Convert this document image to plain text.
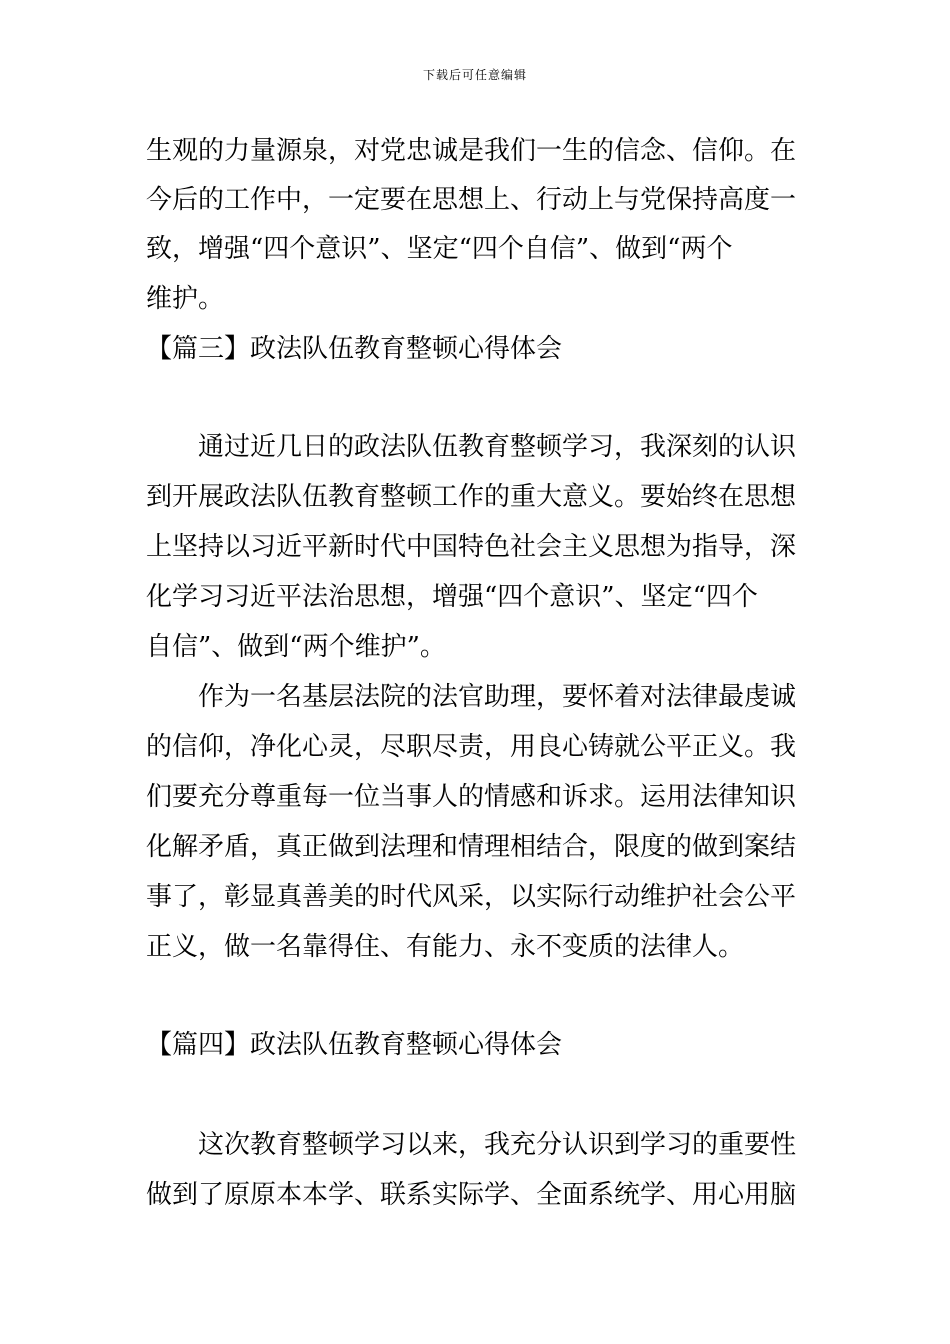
下载后可任意编辑
生观的力量源泉，对党忠诚是我们一生的信念、信仰。在
今后的工作中，一定要在思想上、行动上与党保持高度一
致，增强“四个意识”、坚定“四个自信”、做到“两个
维护。
【篇三】政法队伍教育整顿心得体会
通过近几日的政法队伍教育整顿学习，我深刻的认识
到开展政法队伍教育整顿工作的重大意义。要始终在思想
上坚持以习近平新时代中国特色社会主义思想为指导，深
化学习习近平法治思想，增强“四个意识”、坚定“四个
自信”、做到“两个维护”。
作为一名基层法院的法官助理，要怀着对法律最虔诚
的信仰，净化心灵，尽职尽责，用良心铸就公平正义。我
们要充分尊重每一位当事人的情感和诉求。运用法律知识
化解矛盾，真正做到法理和情理相结合，限度的做到案结
事了，彰显真善美的时代风采，以实际行动维护社会公平
正义，做一名靠得住、有能力、永不变质的法律人。
【篇四】政法队伍教育整顿心得体会
这次教育整顿学习以来，我充分认识到学习的重要性
做到了原原本本学、联系实际学、全面系统学、用心用脑
